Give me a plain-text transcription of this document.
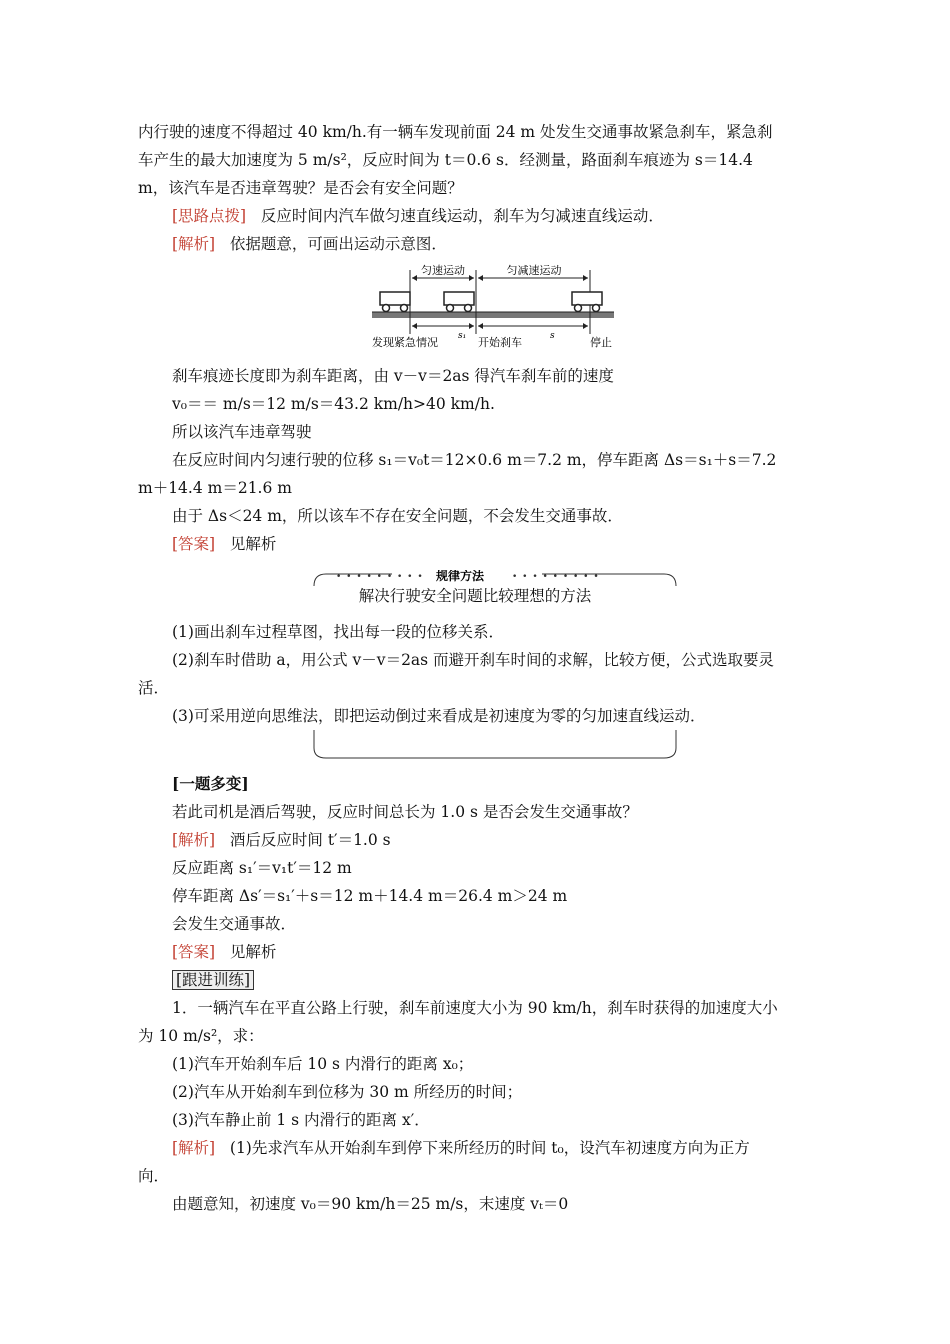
内行驶的速度不得超过 40 km/h.有一辆车发现前面 24 m 处发生交通事故紧急刹车，紧急刹
车产生的最大加速度为 5 m/s²，反应时间为 t＝0.6 s．经测量，路面刹车痕迹为 s＝14.4
m，该汽车是否违章驾驶？是否会有安全问题？
[思路点拨] 反应时间内汽车做匀速直线运动，刹车为匀减速直线运动．
[解析] 依据题意，可画出运动示意图．
匀速运动	匀减速运动
发现紧急情况 s₁ 开始刹车	s	停止
刹车痕迹长度即为刹车距离，由 v－v＝2as 得汽车刹车前的速度
v₀＝＝ m/s＝12 m/s＝43.2 km/h>40 km/h.
所以该汽车违章驾驶
在反应时间内匀速行驶的位移 s₁＝v₀t＝12×0.6 m＝7.2 m，停车距离 Δs＝s₁＋s＝7.2
m＋14.4 m＝21.6 m
由于 Δs＜24 m，所以该车不存在安全问题，不会发生交通事故．
[答案] 见解析
• • • • • • • • •	• • • • • • • • •
规律方法
解决行驶安全问题比较理想的方法
(1)画出刹车过程草图，找出每一段的位移关系．
(2)刹车时借助 a，用公式 v－v＝2as 而避开刹车时间的求解，比较方便，公式选取要灵
活．
(3)可采用逆向思维法，即把运动倒过来看成是初速度为零的匀加速直线运动．
[一题多变]
若此司机是酒后驾驶，反应时间总长为 1.0 s 是否会发生交通事故？
[解析] 酒后反应时间 t′＝1.0 s
反应距离 s₁′＝v₁t′＝12 m
停车距离 Δs′＝s₁′＋s＝12 m＋14.4 m＝26.4 m＞24 m
会发生交通事故．
[答案] 见解析
[跟进训练]
1．一辆汽车在平直公路上行驶，刹车前速度大小为 90 km/h，刹车时获得的加速度大小
为 10 m/s²，求：
(1)汽车开始刹车后 10 s 内滑行的距离 x₀；
(2)汽车从开始刹车到位移为 30 m 所经历的时间；
(3)汽车静止前 1 s 内滑行的距离 x′．
[解析] (1)先求汽车从开始刹车到停下来所经历的时间 t₀，设汽车初速度方向为正方
向．
由题意知，初速度 v₀＝90 km/h＝25 m/s，末速度 vₜ＝0
